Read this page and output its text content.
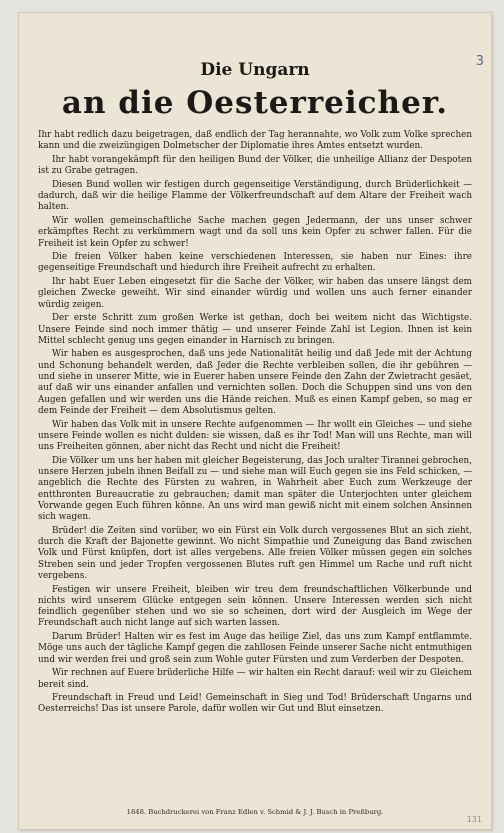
3
Die Ungarn
an die Oesterreicher.

Ihr habt redlich dazu beigetragen, daß endlich der Tag herannahte, wo Volk zum Volke sprechen kann und die zweizüngigen Dolmetscher der Diplomatie ihres Amtes entsetzt wurden.

Ihr habt vorangekämpft für den heiligen Bund der Völker, die unheilige Allianz der Despoten ist zu Grabe getragen.

Diesen Bund wollen wir festigen durch gegenseitige Verständigung, durch Brüderlichkeit — dadurch, daß wir die heilige Flamme der Völkerfreundschaft auf dem Altare der Freiheit wach halten.

Wir wollen gemeinschaftliche Sache machen gegen Jedermann, der uns unser schwer erkämpftes Recht zu verkümmern wagt und da soll uns kein Opfer zu schwer fallen. Für die Freiheit ist kein Opfer zu schwer!

Die freien Völker haben keine verschiedenen Interessen, sie haben nur Eines: ihre gegenseitige Freundschaft und hiedurch ihre Freiheit aufrecht zu erhalten.

Ihr habt Euer Leben eingesetzt für die Sache der Völker, wir haben das unsere längst dem gleichen Zwecke geweiht. Wir sind einander würdig und wollen uns auch ferner einander würdig zeigen.

Der erste Schritt zum großen Werke ist gethan, doch bei weitem nicht das Wichtigste. Unsere Feinde sind noch immer thätig — und unserer Feinde Zahl ist Legion. Ihnen ist kein Mittel schlecht genug uns gegen einander in Harnisch zu bringen.

Wir haben es ausgesprochen, daß uns jede Nationalität heilig und daß Jede mit der Achtung und Schonung behandelt werden, daß Jeder die Rechte verbleiben sollen, die ihr gebühren — und siehe in unserer Mitte, wie in Euerer haben unsere Feinde den Zahn der Zwietracht gesäet, auf daß wir uns einander anfallen und vernichten sollen. Doch die Schuppen sind uns von den Augen gefallen und wir werden uns die Hände reichen. Muß es einen Kampf geben, so mag er dem Feinde der Freiheit — dem Absolutismus gelten.

Wir haben das Volk mit in unsere Rechte aufgenommen — Ihr wollt ein Gleiches — und siehe unsere Feinde wollen es nicht dulden: sie wissen, daß es ihr Tod! Man will uns Rechte, man will uns Freiheiten gönnen, aber nicht das Recht und nicht die Freiheit!

Die Völker um uns her haben mit gleicher Begeisterung, das Joch uralter Tirannei gebrochen, unsere Herzen jubeln ihnen Beifall zu — und siehe man will Euch gegen sie ins Feld schicken, — angeblich die Rechte des Fürsten zu wahren, in Wahrheit aber Euch zum Werkzeuge der entthronten Bureaucratie zu gebrauchen; damit man später die Unterjochten unter gleichem Vorwande gegen Euch führen könne. An uns wird man gewiß nicht mit einem solchen Ansinnen sich wagen.

Brüder! die Zeiten sind vorüber, wo ein Fürst ein Volk durch vergossenes Blut an sich zieht, durch die Kraft der Bajonette gewinnt. Wo nicht Simpathie und Zuneigung das Band zwischen Volk und Fürst knüpfen, dort ist alles vergebens. Alle freien Völker müssen gegen ein solches Streben sein und jeder Tropfen vergossenen Blutes ruft gen Himmel um Rache und ruft nicht vergebens.

Festigen wir unsere Freiheit, bleiben wir treu dem freundschaftlichen Völkerbunde und nichts wird unserem Glücke entgegen sein können. Unsere Interessen werden sich nicht feindlich gegenüber stehen und wo sie so scheinen, dort wird der Ausgleich im Wege der Freundschaft auch nicht lange auf sich warten lassen.

Darum Brüder! Halten wir es fest im Auge das heilige Ziel, das uns zum Kampf entflammte. Möge uns auch der tägliche Kampf gegen die zahllosen Feinde unserer Sache nicht entmuthigen und wir werden frei und groß sein zum Wohle guter Fürsten und zum Verderben der Despoten.

Wir rechnen auf Euere brüderliche Hilfe — wir halten ein Recht darauf: weil wir zu Gleichem bereit sind.

Freundschaft in Freud und Leid! Gemeinschaft in Sieg und Tod! Brüderschaft Ungarns und Oesterreichs! Das ist unsere Parole, dafür wollen wir Gut und Blut einsetzen.

1848. Buchdruckerei von Franz Edlen v. Schmid & J. J. Busch in Preßburg.
131
